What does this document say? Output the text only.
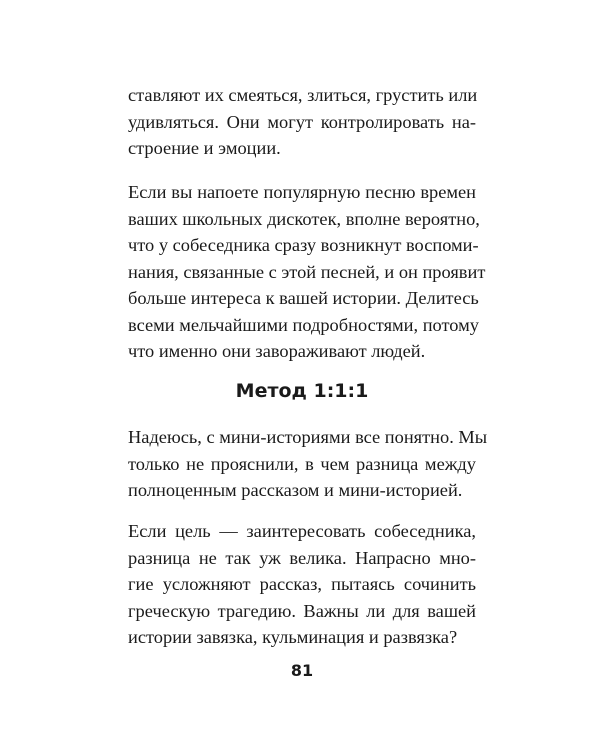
ставляют их смеяться, злиться, грустить или
удивляться. Они могут контролировать на-
строение и эмоции.
Если вы напоете популярную песню времен
ваших школьных дискотек, вполне вероятно,
что у собеседника сразу возникнут воспоми-
нания, связанные с этой песней, и он проявит
больше интереса к вашей истории. Делитесь
всеми мельчайшими подробностями, потому
что именно они завораживают людей.
Метод 1:1:1
Надеюсь, с мини-историями все понятно. Мы
только не прояснили, в чем разница между
полноценным рассказом и мини-историей.
Если цель — заинтересовать собеседника,
разница не так уж велика. Напрасно мно-
гие усложняют рассказ, пытаясь сочинить
греческую трагедию. Важны ли для вашей
истории завязка, кульминация и развязка?
81
